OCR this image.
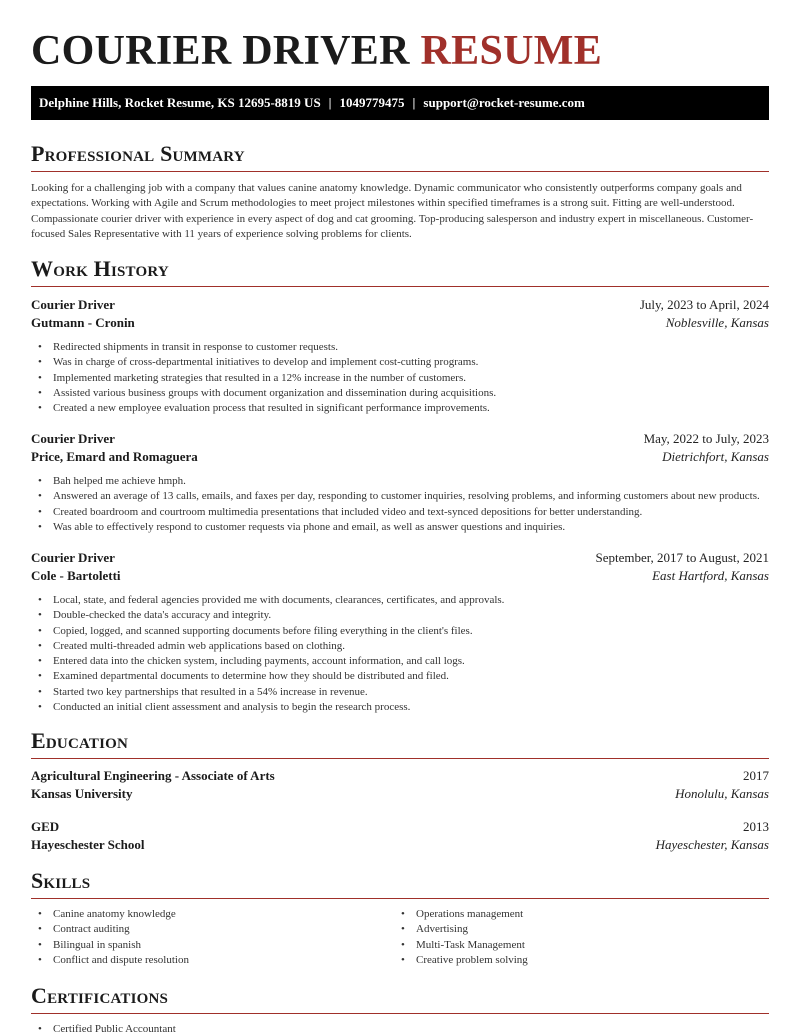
COURIER DRIVER RESUME
Delphine Hills, Rocket Resume, KS 12695-8819 US | 1049779475 | support@rocket-resume.com
Professional Summary

Looking for a challenging job with a company that values canine anatomy knowledge. Dynamic communicator who consistently outperforms company goals and expectations. Working with Agile and Scrum methodologies to meet project milestones within specified timeframes is a strong suit. Fitting are well-understood. Compassionate courier driver with experience in every aspect of dog and cat grooming. Top-producing salesperson and industry expert in miscellaneous. Customer-focused Sales Representative with 11 years of experience solving problems for clients.

Work History
Courier Driver	July, 2023 to April, 2024
Gutmann - Cronin	Noblesville, Kansas
• Redirected shipments in transit in response to customer requests.
• Was in charge of cross-departmental initiatives to develop and implement cost-cutting programs.
• Implemented marketing strategies that resulted in a 12% increase in the number of customers.
• Assisted various business groups with document organization and dissemination during acquisitions.
• Created a new employee evaluation process that resulted in significant performance improvements.
Courier Driver	May, 2022 to July, 2023
Price, Emard and Romaguera	Dietrichfort, Kansas
• Bah helped me achieve hmph.
• Answered an average of 13 calls, emails, and faxes per day, responding to customer inquiries, resolving problems, and informing customers about new products.
• Created boardroom and courtroom multimedia presentations that included video and text-synced depositions for better understanding.
• Was able to effectively respond to customer requests via phone and email, as well as answer questions and inquiries.
Courier Driver	September, 2017 to August, 2021
Cole - Bartoletti	East Hartford, Kansas
• Local, state, and federal agencies provided me with documents, clearances, certificates, and approvals.
• Double-checked the data's accuracy and integrity.
• Copied, logged, and scanned supporting documents before filing everything in the client's files.
• Created multi-threaded admin web applications based on clothing.
• Entered data into the chicken system, including payments, account information, and call logs.
• Examined departmental documents to determine how they should be distributed and filed.
• Started two key partnerships that resulted in a 54% increase in revenue.
• Conducted an initial client assessment and analysis to begin the research process.
Education
Agricultural Engineering - Associate of Arts	2017
Kansas University	Honolulu, Kansas
GED	2013
Hayeschester School	Hayeschester, Kansas
Skills
• Canine anatomy knowledge
• Contract auditing
• Bilingual in spanish
• Conflict and dispute resolution
• Operations management
• Advertising
• Multi-Task Management
• Creative problem solving
Certifications
• Certified Public Accountant
